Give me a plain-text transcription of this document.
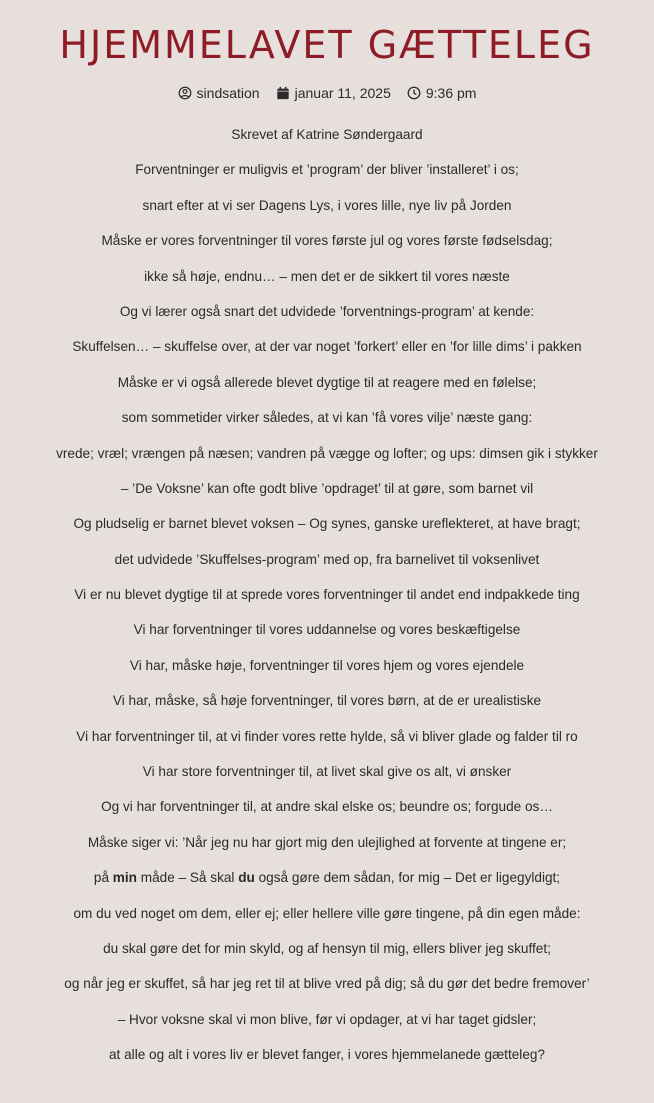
HJEMMELAVET GÆTTELEG
sindsation	januar 11, 2025	9:36 pm

Skrevet af Katrine Søndergaard

Forventninger er muligvis et ’program’ der bliver ’installeret’ i os;

snart efter at vi ser Dagens Lys, i vores lille, nye liv på Jorden

Måske er vores forventninger til vores første jul og vores første fødselsdag;

ikke så høje, endnu… – men det er de sikkert til vores næste

Og vi lærer også snart det udvidede ’forventnings-program’ at kende:

Skuffelsen… – skuffelse over, at der var noget ’forkert’ eller en ’for lille dims’ i pakken

Måske er vi også allerede blevet dygtige til at reagere med en følelse;

som sommetider virker således, at vi kan ’få vores vilje’ næste gang:

vrede; vræl; vrængen på næsen; vandren på vægge og lofter; og ups: dimsen gik i stykker

– ’De Voksne’ kan ofte godt blive ’opdraget’ til at gøre, som barnet vil

Og pludselig er barnet blevet voksen – Og synes, ganske ureflekteret, at have bragt;

det udvidede ’Skuffelses-program’ med op, fra barnelivet til voksenlivet

Vi er nu blevet dygtige til at sprede vores forventninger til andet end indpakkede ting

Vi har forventninger til vores uddannelse og vores beskæftigelse

Vi har, måske høje, forventninger til vores hjem og vores ejendele

Vi har, måske, så høje forventninger, til vores børn, at de er urealistiske

Vi har forventninger til, at vi finder vores rette hylde, så vi bliver glade og falder til ro

Vi har store forventninger til, at livet skal give os alt, vi ønsker

Og vi har forventninger til, at andre skal elske os; beundre os; forgude os…

Måske siger vi: ’Når jeg nu har gjort mig den ulejlighed at forvente at tingene er;

på min måde – Så skal du også gøre dem sådan, for mig – Det er ligegyldigt;

om du ved noget om dem, eller ej; eller hellere ville gøre tingene, på din egen måde:

du skal gøre det for min skyld, og af hensyn til mig, ellers bliver jeg skuffet;

og når jeg er skuffet, så har jeg ret til at blive vred på dig; så du gør det bedre fremover’

– Hvor voksne skal vi mon blive, før vi opdager, at vi har taget gidsler;

at alle og alt i vores liv er blevet fanger, i vores hjemmelanede gætteleg?
